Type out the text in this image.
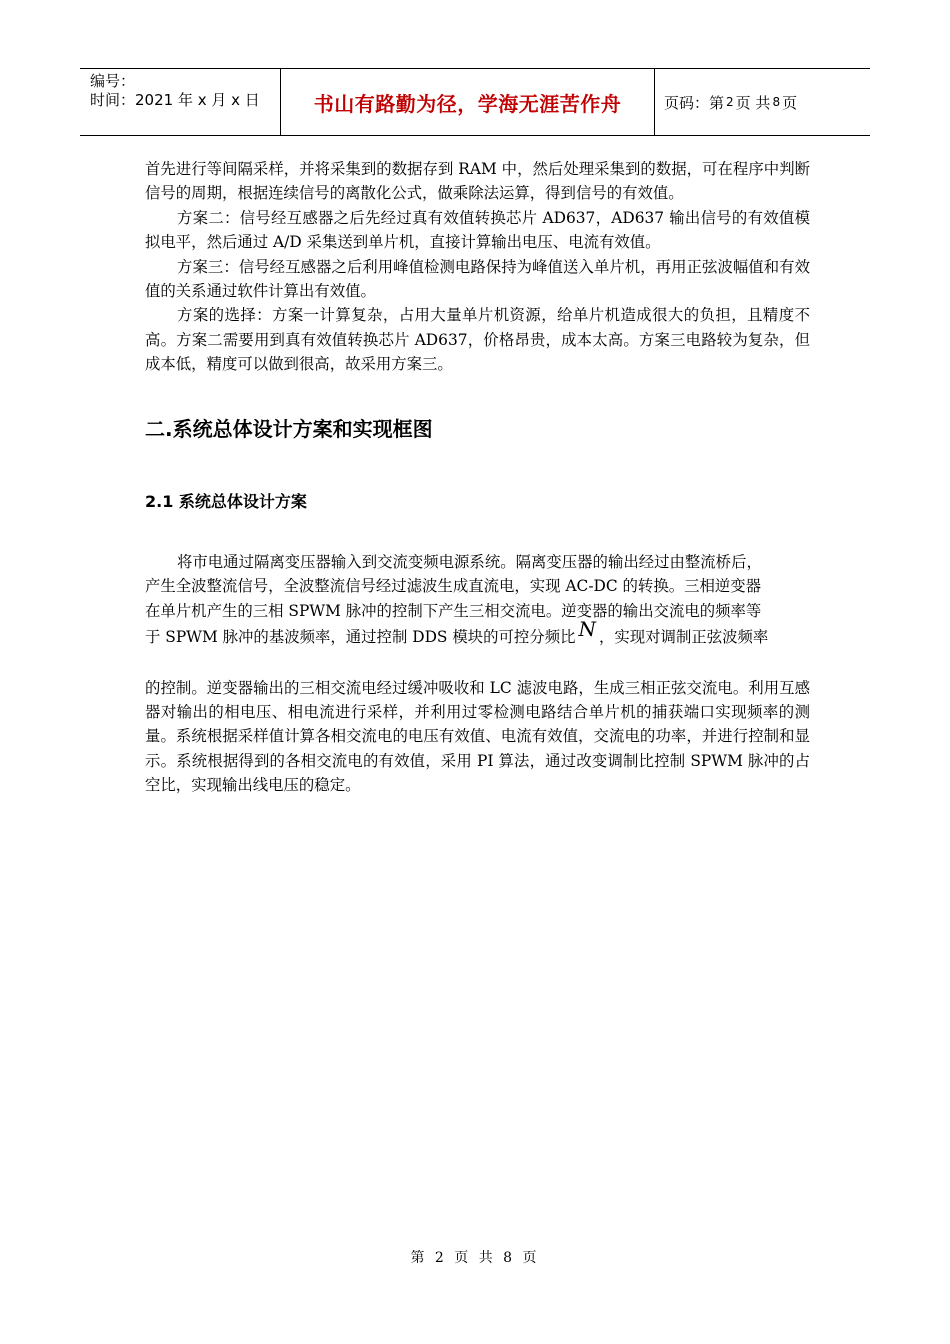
编号：
时间：2021 年 x 月 x 日	书山有路勤为径，学海无涯苦作舟	页码：第 2 页 共 8 页

首先进行等间隔采样，并将采集到的数据存到 RAM 中，然后处理采集到的数据，可在程序中判断信号的周期，根据连续信号的离散化公式，做乘除法运算，得到信号的有效值。

方案二：信号经互感器之后先经过真有效值转换芯片 AD637，AD637 输出信号的有效值模拟电平，然后通过 A/D 采集送到单片机，直接计算输出电压、电流有效值。

方案三：信号经互感器之后利用峰值检测电路保持为峰值送入单片机，再用正弦波幅值和有效值的关系通过软件计算出有效值。

方案的选择：方案一计算复杂，占用大量单片机资源，给单片机造成很大的负担，且精度不高。方案二需要用到真有效值转换芯片 AD637，价格昂贵，成本太高。方案三电路较为复杂，但成本低，精度可以做到很高，故采用方案三。

二.系统总体设计方案和实现框图
2.1 系统总体设计方案
将市电通过隔离变压器输入到交流变频电源系统。隔离变压器的输出经过由整流桥后，
产生全波整流信号，全波整流信号经过滤波生成直流电，实现 AC-DC 的转换。三相逆变器
在单片机产生的三相 SPWM 脉冲的控制下产生三相交流电。逆变器的输出交流电的频率等
于 SPWM 脉冲的基波频率，通过控制 DDS 模块的可控分频比 N ，实现对调制正弦波频率
的控制。逆变器输出的三相交流电经过缓冲吸收和 LC 滤波电路，生成三相正弦交流电。利用互感器对输出的相电压、相电流进行采样，并利用过零检测电路结合单片机的捕获端口实现频率的测量。系统根据采样值计算各相交流电的电压有效值、电流有效值，交流电的功率，并进行控制和显示。系统根据得到的各相交流电的有效值，采用 PI 算法，通过改变调制比控制 SPWM 脉冲的占空比，实现输出线电压的稳定。
第 2 页 共 8 页
